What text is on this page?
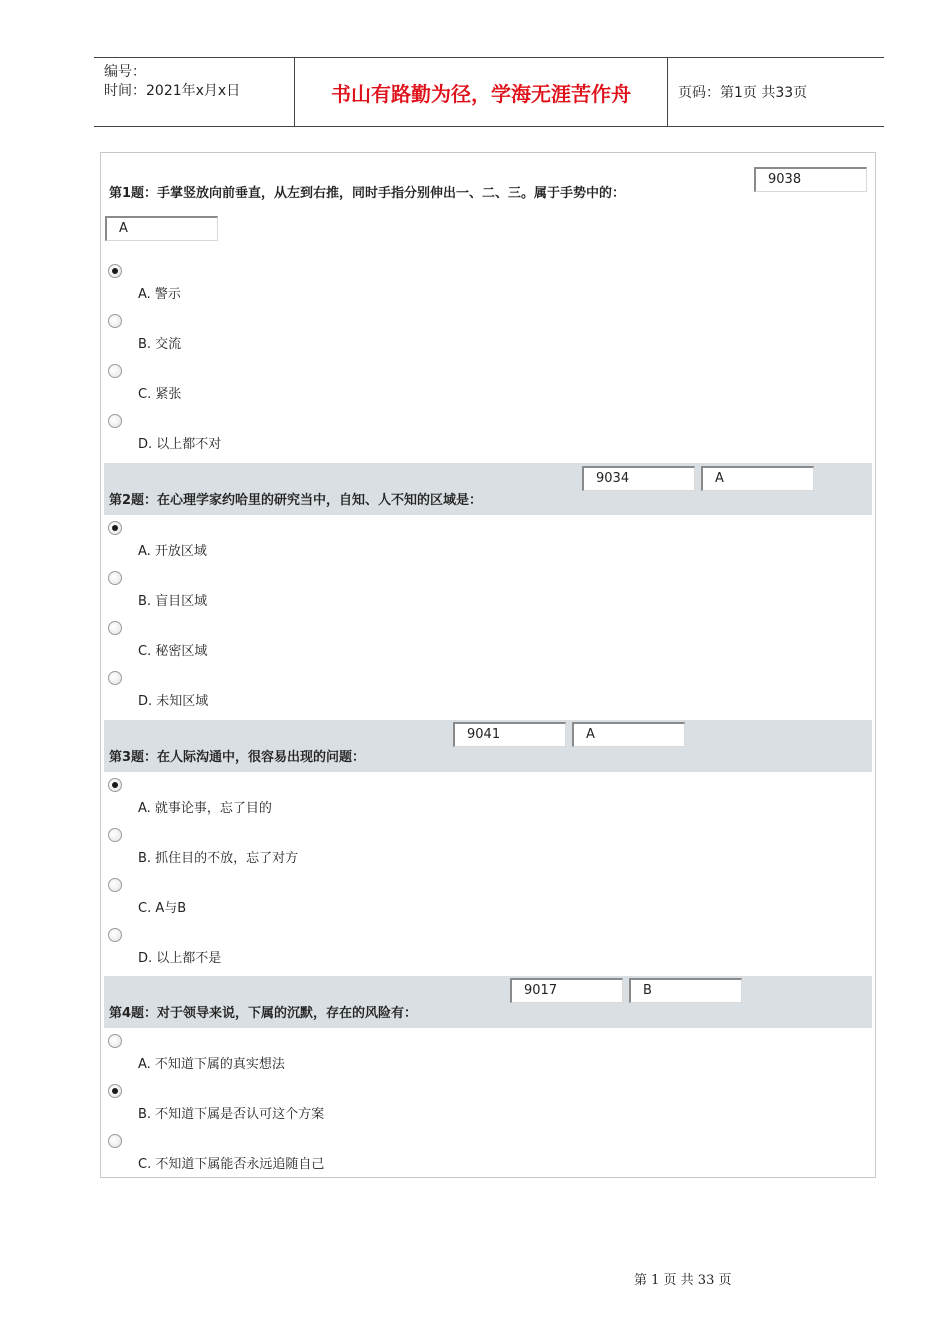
编号：
时间：2021年x月x日	书山有路勤为径，学海无涯苦作舟	页码：第1页 共33页
第1题：手掌竖放向前垂直，从左到右推，同时手指分别伸出一、二、三。属于手势中的：
9038
A
A. 警示
B. 交流
C. 紧张
D. 以上都不对
第2题：在心理学家约哈里的研究当中，自知、人不知的区域是：
9034	A
A. 开放区域
B. 盲目区域
C. 秘密区域
D. 未知区域
第3题：在人际沟通中，很容易出现的问题：
9041	A
A. 就事论事，忘了目的
B. 抓住目的不放，忘了对方
C. A与B
D. 以上都不是
第4题：对于领导来说，下属的沉默，存在的风险有：
9017	B
A. 不知道下属的真实想法
B. 不知道下属是否认可这个方案
C. 不知道下属能否永远追随自己
第 1 页 共 33 页
